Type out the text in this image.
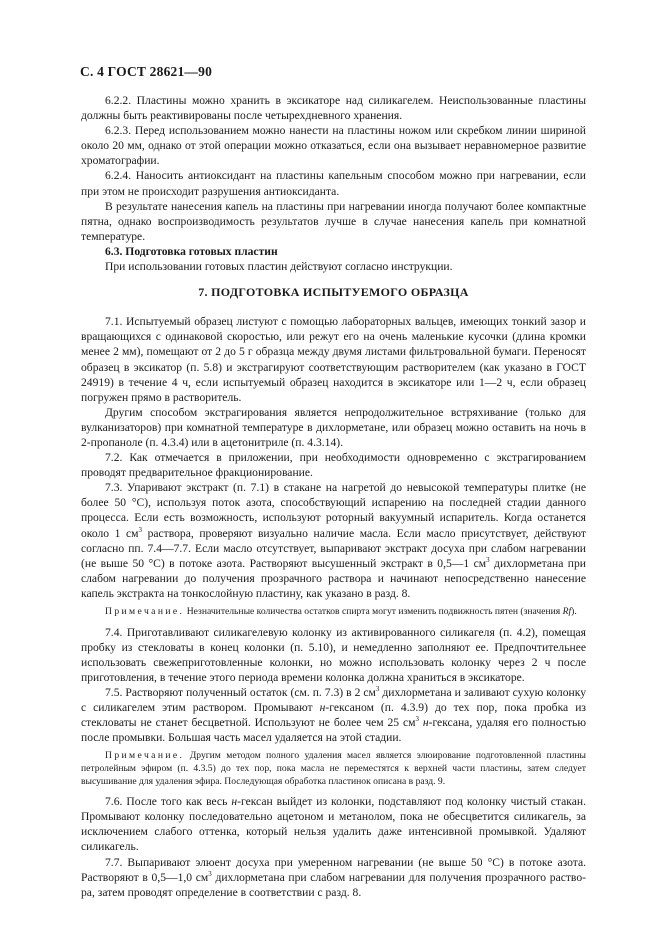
С. 4 ГОСТ 28621—90

6.2.2. Пластины можно хранить в эксикаторе над силикагелем. Неиспользованные пластины должны быть реактивированы после четырехдневного хранения.

6.2.3. Перед использованием можно нанести на пластины ножом или скребком линии шириной около 20 мм, однако от этой операции можно отказаться, если она вызывает неравномерное развитие хроматографии.

6.2.4. Наносить антиоксидант на пластины капельным способом можно при нагревании, если при этом не происходит разрушения антиоксиданта.

В результате нанесения капель на пластины при нагревании иногда получают более компактные пятна, однако воспроизводимость результатов лучше в случае нанесения капель при комнатной температуре.

6.3. Подготовка готовых пластин

При использовании готовых пластин действуют согласно инструкции.

7. ПОДГОТОВКА ИСПЫТУЕМОГО ОБРАЗЦА

7.1. Испытуемый образец листуют с помощью лабораторных вальцев, имеющих тонкий зазор и вращающихся с одинаковой скоростью, или режут его на очень маленькие кусочки (длина кромки менее 2 мм), помещают от 2 до 5 г образца между двумя листами фильтровальной бумаги. Переносят образец в эксикатор (п. 5.8) и экстрагируют соответствующим растворителем (как указано в ГОСТ 24919) в течение 4 ч, если испытуемый образец находится в эксикаторе или 1—2 ч, если образец погружен прямо в растворитель.

Другим способом экстрагирования является непродолжительное встряхивание (только для вулканизаторов) при комнатной температуре в дихлорметане, или образец можно оставить на ночь в 2-пропаноле (п. 4.3.4) или в ацетонитриле (п. 4.3.14).

7.2. Как отмечается в приложении, при необходимости одновременно с экстрагированием проводят предварительное фракционирование.

7.3. Упаривают экстракт (п. 7.1) в стакане на нагретой до невысокой температуры плитке (не более 50 °С), используя поток азота, способствующий испарению на последней стадии данного процесса. Если есть возможность, используют роторный вакуумный испаритель. Когда останется около 1 $см^3$ раствора, проверяют визуально наличие масла. Если масло присутствует, действуют согласно пп. 7.4—7.7. Если масло отсутствует, выпаривают экстракт досуха при слабом нагревании (не выше 50 °С) в потоке азота. Растворяют высушенный экстракт в 0,5—1 $см^3$ дихлорметана при слабом нагревании до получения прозрачного раствора и начинают непосредственно нанесение капель экстракта на тонкослойную пластину, как указано в разд. 8.

Примечание. Незначительные количества остатков спирта могут изменить подвижность пятен (значения Rf).

7.4. Приготавливают силикагелевую колонку из активированного силикагеля (п. 4.2), помещая пробку из стекловаты в конец колонки (п. 5.10), и немедленно заполняют ее. Предпочтительнее использовать свежеприготовленные колонки, но можно использовать колонку через 2 ч после приготовления, в течение этого периода времени колонка должна храниться в эксикаторе.

7.5. Растворяют полученный остаток (см. п. 7.3) в 2 $см^3$ дихлорметана и заливают сухую колонку с силикагелем этим раствором. Промывают н-гексаном (п. 4.3.9) до тех пор, пока пробка из стекловаты не станет бесцветной. Используют не более чем 25 $см^3$ н-гексана, удаляя его полностью после промывки. Большая часть масел удаляется на этой стадии.

Примечание. Другим методом полного удаления масел является элюирование подготовленной пластины петролейным эфиром (п. 4.3.5) до тех пор, пока масла не переместятся к верхней части пластины, затем следует высушивание для удаления эфира. Последующая обработка пластинок описана в разд. 9.

7.6. После того как весь н-гексан выйдет из колонки, подставляют под колонку чистый стакан. Промывают колонку последовательно ацетоном и метанолом, пока не обесцветится силикагель, за исключением слабого оттенка, который нельзя удалить даже интенсивной промывкой. Удаляют силикагель.

7.7. Выпаривают элюент досуха при умеренном нагревании (не выше 50 °С) в потоке азота. Растворяют в 0,5—1,0 $см^3$ дихлорметана при слабом нагревании для получения прозрачного раствора, затем проводят определение в соответствии с разд. 8.
